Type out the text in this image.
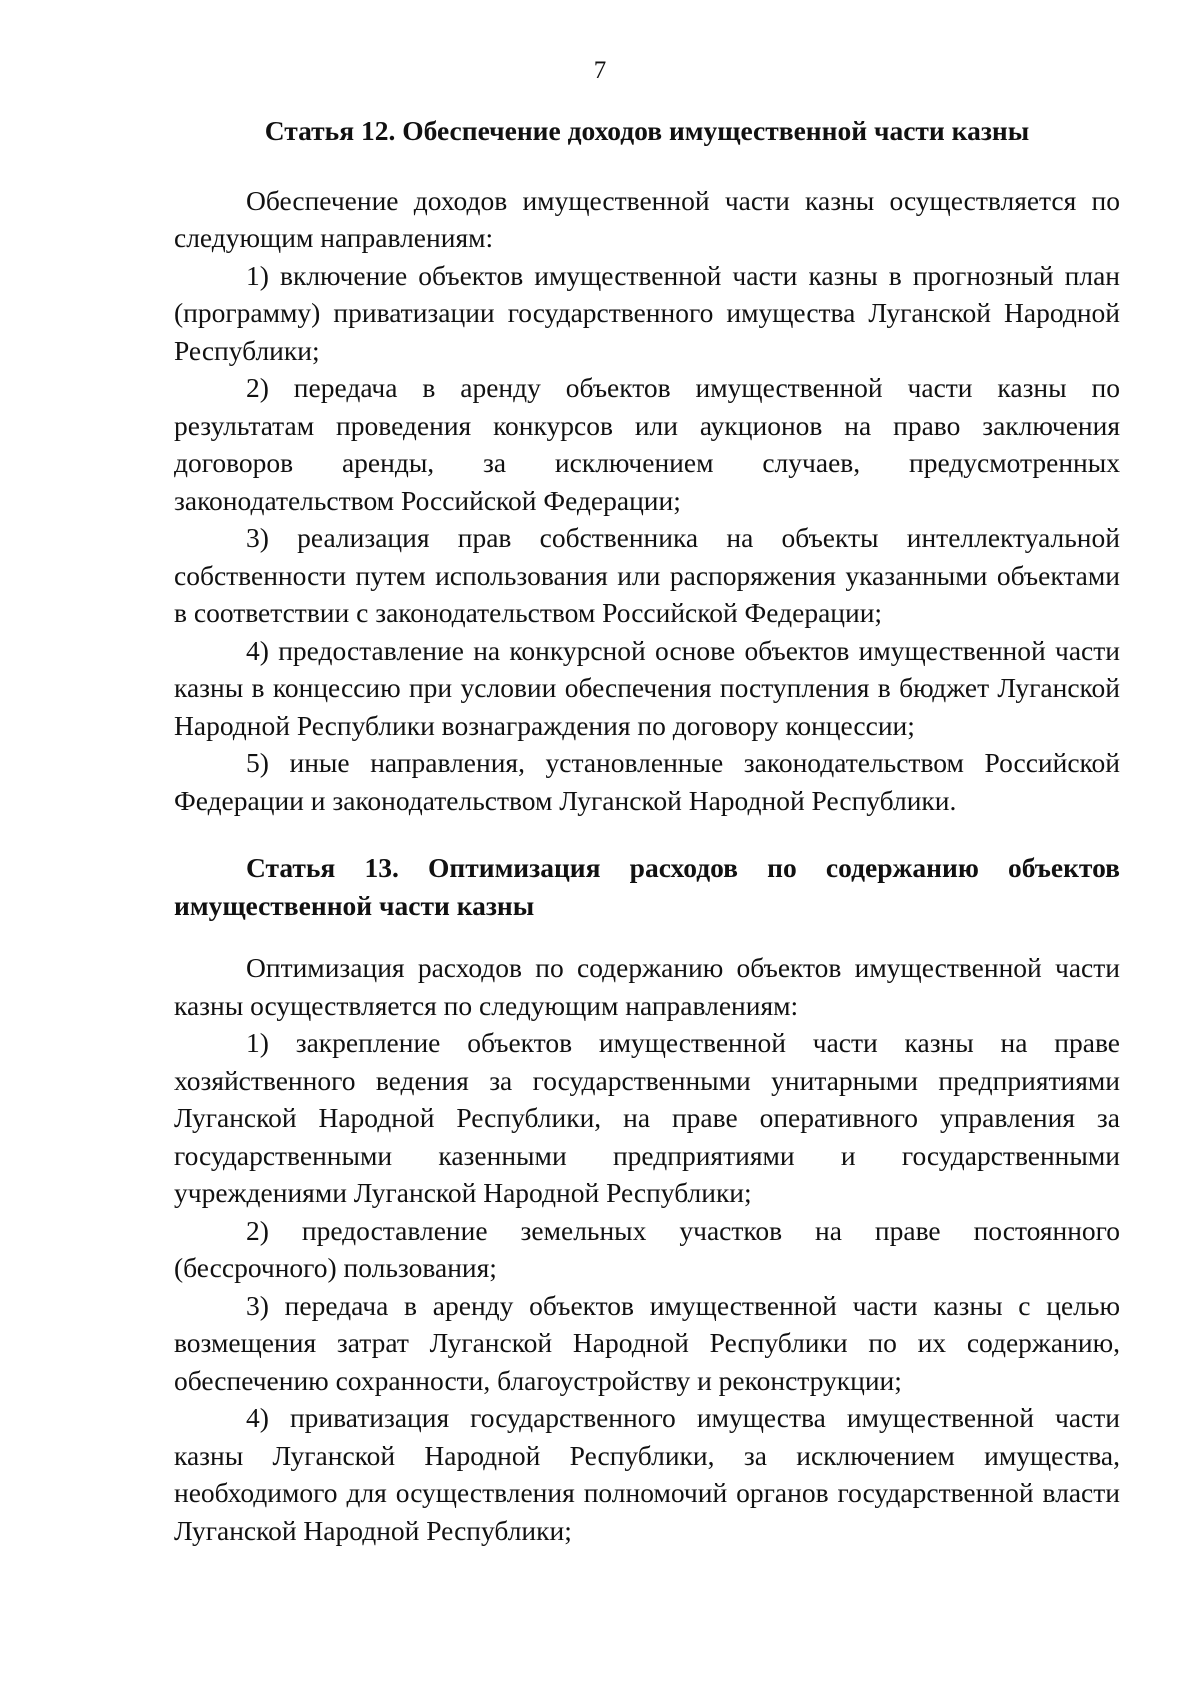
7

Статья 12. Обеспечение доходов имущественной части казны

Обеспечение доходов имущественной части казны осуществляется по следующим направлениям:

1) включение объектов имущественной части казны в прогнозный план (программу) приватизации государственного имущества Луганской Народной Республики;

2) передача в аренду объектов имущественной части казны по результатам проведения конкурсов или аукционов на право заключения договоров аренды, за исключением случаев, предусмотренных законодательством Российской Федерации;

3) реализация прав собственника на объекты интеллектуальной собственности путем использования или распоряжения указанными объектами в соответствии с законодательством Российской Федерации;

4) предоставление на конкурсной основе объектов имущественной части казны в концессию при условии обеспечения поступления в бюджет Луганской Народной Республики вознаграждения по договору концессии;

5) иные направления, установленные законодательством Российской Федерации и законодательством Луганской Народной Республики.

Статья 13. Оптимизация расходов по содержанию объектов имущественной части казны

Оптимизация расходов по содержанию объектов имущественной части казны осуществляется по следующим направлениям:

1) закрепление объектов имущественной части казны на праве хозяйственного ведения за государственными унитарными предприятиями Луганской Народной Республики, на праве оперативного управления за государственными казенными предприятиями и государственными учреждениями Луганской Народной Республики;

2) предоставление земельных участков на праве постоянного (бессрочного) пользования;

3) передача в аренду объектов имущественной части казны с целью возмещения затрат Луганской Народной Республики по их содержанию, обеспечению сохранности, благоустройству и реконструкции;

4) приватизация государственного имущества имущественной части казны Луганской Народной Республики, за исключением имущества, необходимого для осуществления полномочий органов государственной власти Луганской Народной Республики;
